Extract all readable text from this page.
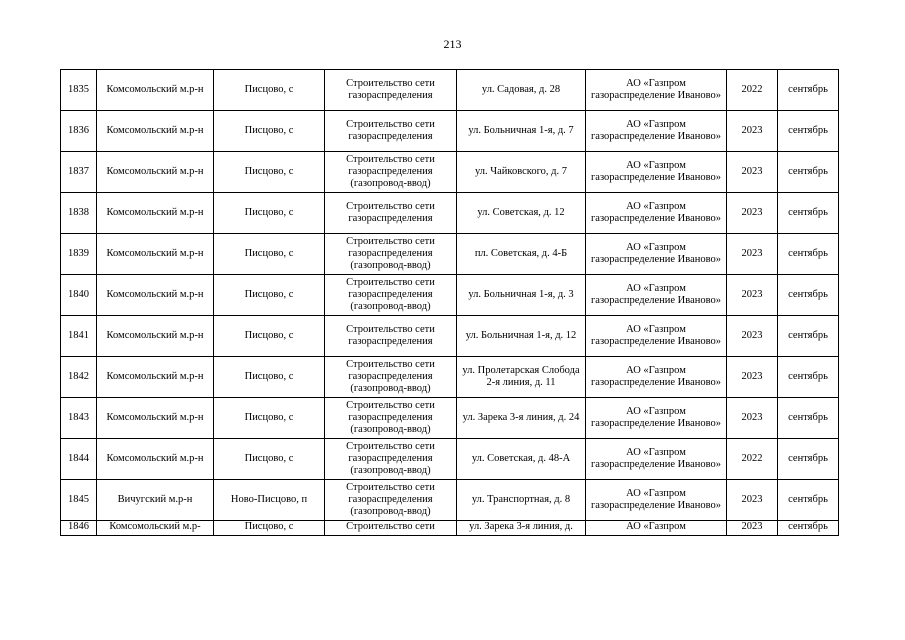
213
1835	Комсомольский м.р-н	Писцово, с	Строительство сети газораспределения	ул. Садовая, д. 28	АО «Газпром газораспределение Иваново»	2022	сентябрь
1836	Комсомольский м.р-н	Писцово, с	Строительство сети газораспределения	ул. Больничная 1-я, д. 7	АО «Газпром газораспределение Иваново»	2023	сентябрь
1837	Комсомольский м.р-н	Писцово, с	Строительство сети газораспределения (газопровод-ввод)	ул. Чайковского, д. 7	АО «Газпром газораспределение Иваново»	2023	сентябрь
1838	Комсомольский м.р-н	Писцово, с	Строительство сети газораспределения	ул. Советская, д. 12	АО «Газпром газораспределение Иваново»	2023	сентябрь
1839	Комсомольский м.р-н	Писцово, с	Строительство сети газораспределения (газопровод-ввод)	пл. Советская, д. 4-Б	АО «Газпром газораспределение Иваново»	2023	сентябрь
1840	Комсомольский м.р-н	Писцово, с	Строительство сети газораспределения (газопровод-ввод)	ул. Больничная 1-я, д. 3	АО «Газпром газораспределение Иваново»	2023	сентябрь
1841	Комсомольский м.р-н	Писцово, с	Строительство сети газораспределения	ул. Больничная 1-я, д. 12	АО «Газпром газораспределение Иваново»	2023	сентябрь
1842	Комсомольский м.р-н	Писцово, с	Строительство сети газораспределения (газопровод-ввод)	ул. Пролетарская Слобода 2-я линия, д. 11	АО «Газпром газораспределение Иваново»	2023	сентябрь
1843	Комсомольский м.р-н	Писцово, с	Строительство сети газораспределения (газопровод-ввод)	ул. Зарека 3-я линия, д. 24	АО «Газпром газораспределение Иваново»	2023	сентябрь
1844	Комсомольский м.р-н	Писцово, с	Строительство сети газораспределения (газопровод-ввод)	ул. Советская, д. 48-А	АО «Газпром газораспределение Иваново»	2022	сентябрь
1845	Вичугский м.р-н	Ново-Писцово, п	Строительство сети газораспределения (газопровод-ввод)	ул. Транспортная, д. 8	АО «Газпром газораспределение Иваново»	2023	сентябрь
1846	Комсомольский м.р-	Писцово, с	Строительство сети	ул. Зарека 3-я линия, д.	АО «Газпром	2023	сентябрь
